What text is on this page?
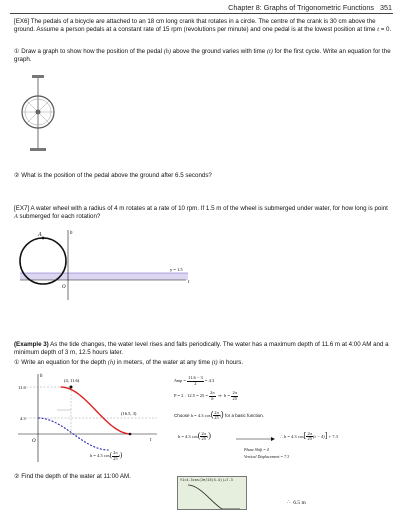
Chapter 8: Graphs of Trigonometric Functions 351
[EX6] The pedals of a bicycle are attached to an 18 cm long crank that rotates in a circle. The centre of the crank is 30 cm above the ground. Assume a person pedals at a constant rate of 15 rpm (revolutions per minute) and one pedal is at the lowest position at time t = 0.
① Draw a graph to show how the position of the pedal (h) above the ground varies with time (t) for the first cycle. Write an equation for the graph.
② What is the position of the pedal above the ground after 6.5 seconds?
[EX7] A water wheel with a radius of 4 m rotates at a rate of 10 rpm. If 1.5 m of the wheel is submerged under water, for how long is point A submerged for each rotation?
A	h
O
t
y = 1.5
(Example 3) As the tide changes, the water level rises and falls periodically. The water has a maximum depth of 11.6 m at 4:00 AM and a minimum depth of 3 m, 12.5 hours later.
① Write an equation for the depth (h) in meters, of the water at any time (t) in hours.
h
t
O
11.6
4.3
(4, 11.6)
(16.5, 3)
h = 4.3 $\cos( \frac{2\pi}{25} t)$
Amp = $\frac{11.6 - 3}{2} = 4.3$
$P = 2 \cdot 12.5 = 25 = \frac{2\pi}{b}$ ⇒ $b = \frac{2\pi}{25}$
Choose h = 4.3 $\cos( \frac{2\pi}{25} t)$ for a basic function.
h = 4.3 $\cos( \frac{2\pi}{25} t)$	∴ h = 4.3 $\cos[ \frac{2\pi}{25} (t - 4)] + 7.3$
Phase Shift = 4
Vertical Displacement = 7.3
② Find the depth of the water at 11:00 AM.	Y1=4.3cos(2π/25(X-4))+7.3
∴ 6.5 m
